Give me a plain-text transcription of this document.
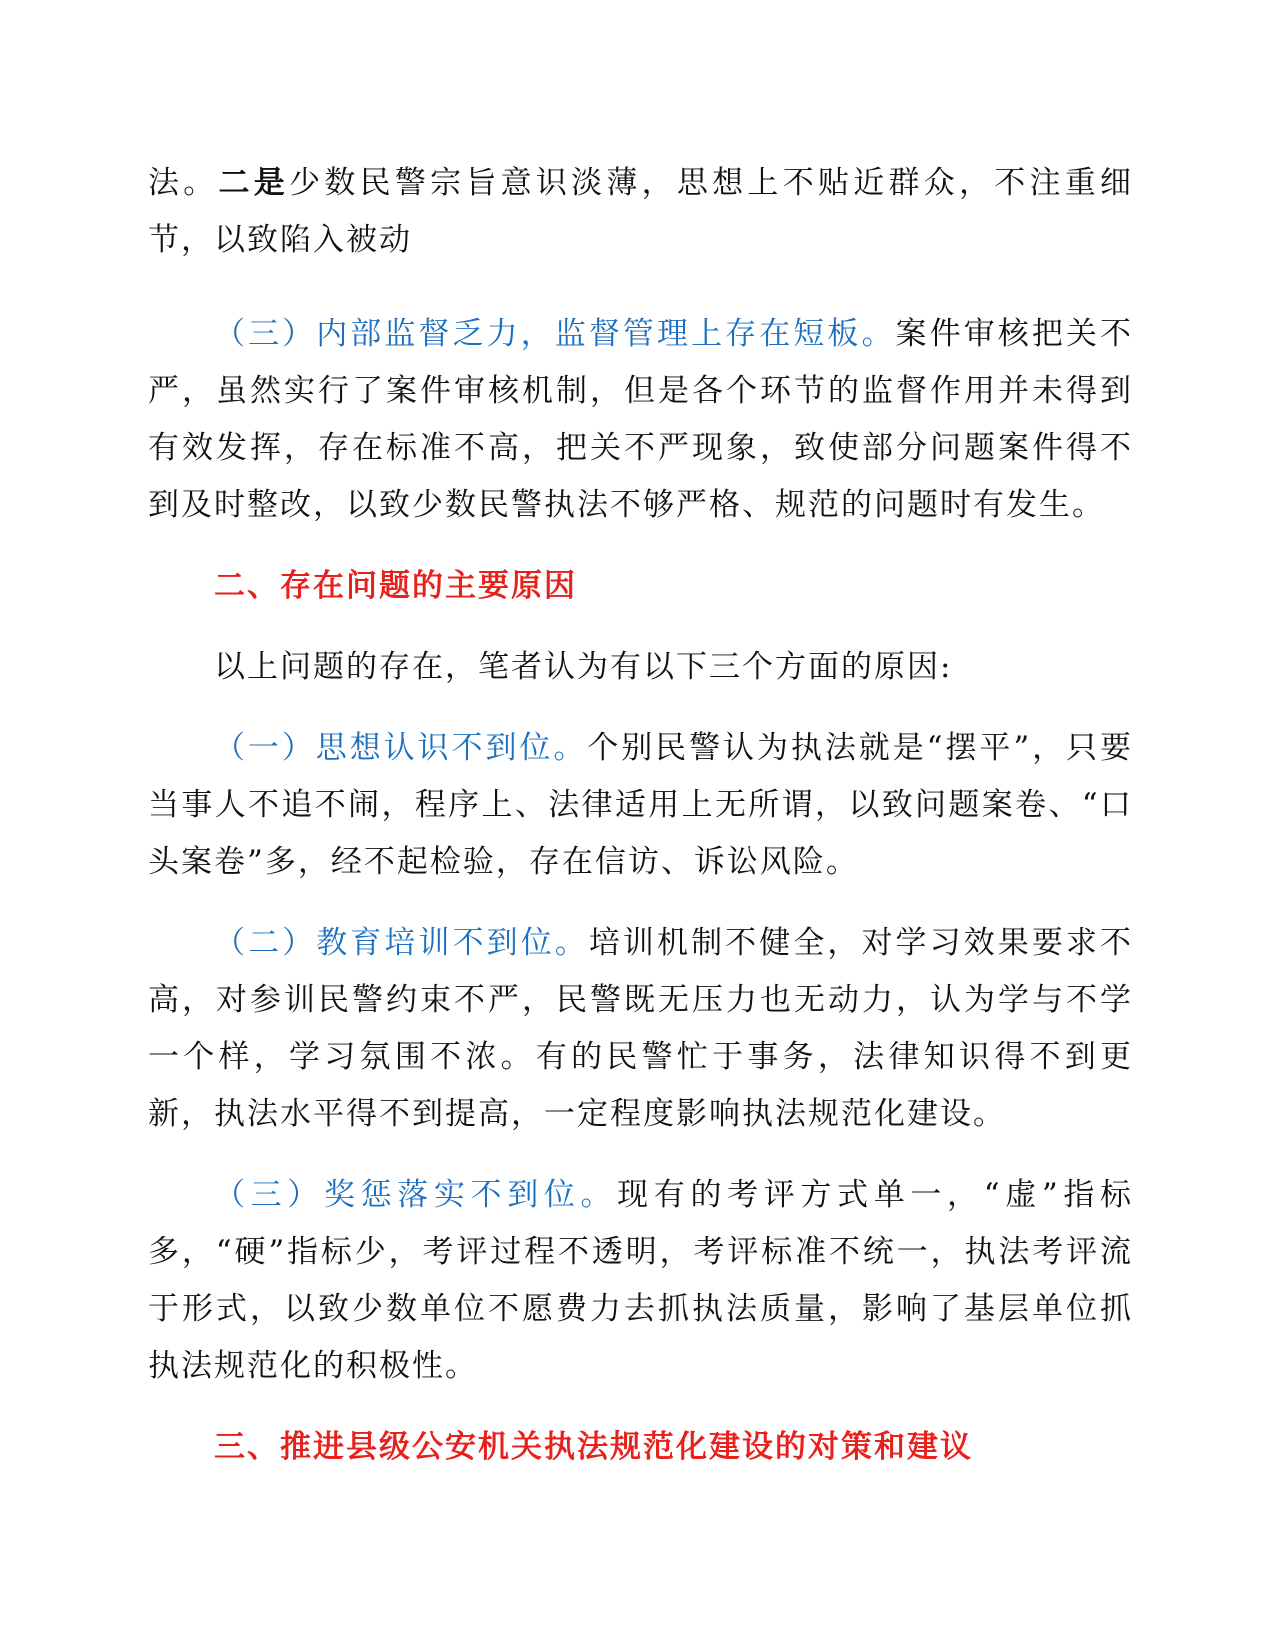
法。二是少数民警宗旨意识淡薄，思想上不贴近群众，不注重细节，以致陷入被动

（三）内部监督乏力，监督管理上存在短板。案件审核把关不严，虽然实行了案件审核机制，但是各个环节的监督作用并未得到有效发挥，存在标准不高，把关不严现象，致使部分问题案件得不到及时整改，以致少数民警执法不够严格、规范的问题时有发生。

二、存在问题的主要原因

以上问题的存在，笔者认为有以下三个方面的原因:

（一）思想认识不到位。个别民警认为执法就是“摆平”，只要当事人不追不闹，程序上、法律适用上无所谓，以致问题案卷、“口头案卷”多，经不起检验，存在信访、诉讼风险。

（二）教育培训不到位。培训机制不健全，对学习效果要求不高，对参训民警约束不严，民警既无压力也无动力，认为学与不学一个样，学习氛围不浓。有的民警忙于事务，法律知识得不到更新，执法水平得不到提高，一定程度影响执法规范化建设。

（三）奖惩落实不到位。现有的考评方式单一，“虚”指标多，“硬”指标少，考评过程不透明，考评标准不统一，执法考评流于形式，以致少数单位不愿费力去抓执法质量，影响了基层单位抓执法规范化的积极性。

三、推进县级公安机关执法规范化建设的对策和建议
